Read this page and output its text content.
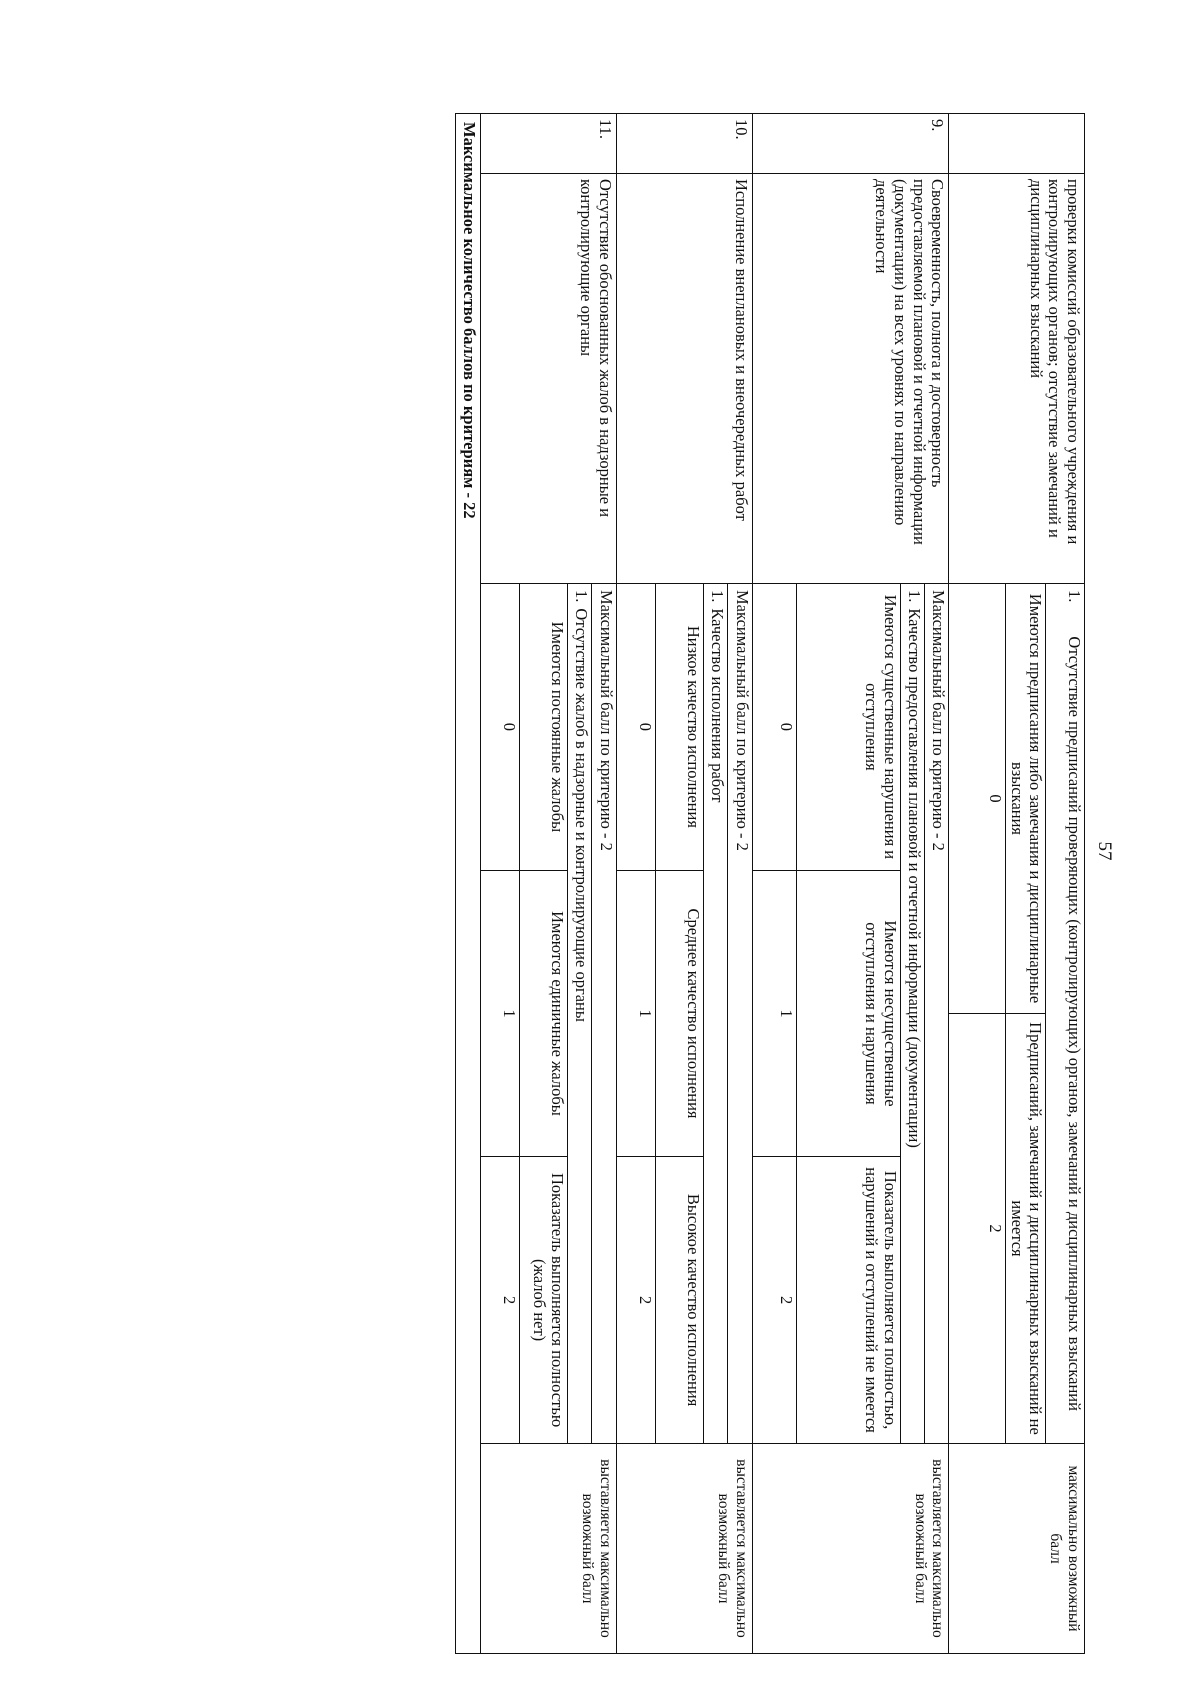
57
	проверки комиссий образовательного учреждения и контролирующих органов; отсутствие замечаний и дисциплинарных взысканий	
1.
Отсутствие предписаний проверяющих (контролирующих) органов, замечаний и дисциплинарных взысканий

Имеются предписания либо замечания и дисциплинарные взыскания	Предписаний, замечаний и дисциплинарных взысканий не имеется
0	2
	максимально возможный балл
9.	Своевременность, полнота и достоверность предоставляемой плановой и отчетной информации (документации) на всех уровнях по направлению деятельности	
Максимальный балл по критерию - 2

1.
Качество предоставления плановой и отчетной информации (документации)

Имеются существенные нарушения и отступления	Имеются несущественные отступления и нарушения	Показатель выполняется полностью, нарушений и отступлений не имеется
0	1	2
	выставляется максимально возможный балл
10.	Исполнение внеплановых и внеочередных работ	
Максимальный балл по критерию - 2

1.
Качество исполнения работ

Низкое качество исполнения	Среднее качество исполнения	Высокое качество исполнения
0	1	2
	выставляется максимально возможный балл
11.	Отсутствие обоснованных жалоб в надзорные и контролирующие органы	
Максимальный балл по критерию - 2

1.
Отсутствие жалоб в надзорные и контролирующие органы

Имеются постоянные жалобы	Имеются единичные жалобы	Показатель выполняется полностью (жалоб нет)
0	1	2
	выставляется максимально возможный балл
Максимальное количество баллов по критериям - 22
